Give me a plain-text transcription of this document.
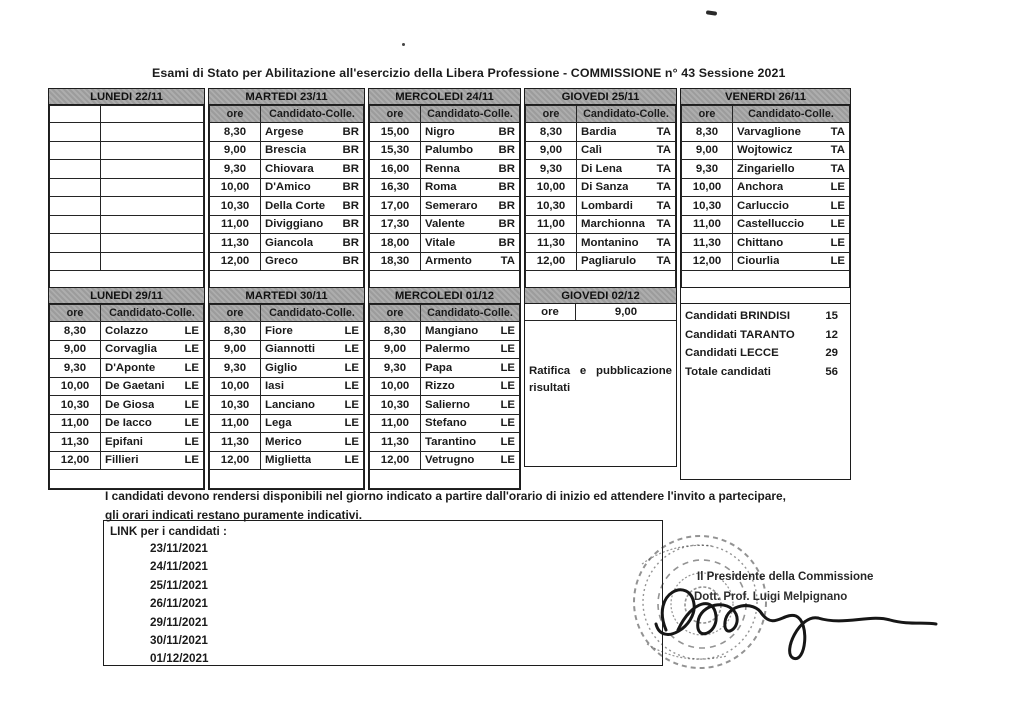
Esami di Stato per Abilitazione all'esercizio della Libera Professione - COMMISSIONE n° 43 Sessione 2021
LUNEDI 22/11

		MARTEDI 23/11
ore	Candidato-Colle.
8,30	Argese BR

9,00	Brescia BR

9,30	Chiovara BR

10,00	D'Amico BR

10,30	Della Corte BR

11,00	Diviggiano BR

11,30	Giancola BR

12,00	Greco BR

MERCOLEDI 24/11
ore	Candidato-Colle.
15,00	Nigro BR

15,30	Palumbo BR

16,00	Renna BR

16,30	Roma BR

17,00	Semeraro BR

17,30	Valente BR

18,00	Vitale BR

18,30	Armento TA

GIOVEDI 25/11
ore	Candidato-Colle.
8,30	Bardia TA

9,00	Calì TA

9,30	Di Lena TA

10,00	Di Sanza TA

10,30	Lombardi TA

11,00	Marchionna TA

11,30	Montanino TA

12,00	Pagliarulo TA

VENERDI 26/11
ore	Candidato-Colle.
8,30	Varvaglione TA

9,00	Wojtowicz TA

9,30	Zingariello TA

10,00	Anchora LE

10,30	Carluccio LE

11,00	Castelluccio LE

11,30	Chittano LE

12,00	Ciourlia LE

LUNEDI 29/11
ore	Candidato-Colle.
8,30	Colazzo LE

9,00	Corvaglia LE

9,30	D'Aponte LE

10,00	De Gaetani LE

10,30	De Giosa LE

11,00	De Iacco LE

11,30	Epifani LE

12,00	Fillieri LE

MARTEDI 30/11
ore	Candidato-Colle.
8,30	Fiore LE

9,00	Giannotti LE

9,30	Giglio LE

10,00	Iasi LE

10,30	Lanciano LE

11,00	Lega LE

11,30	Merico LE

12,00	Miglietta LE

MERCOLEDI 01/12
ore	Candidato-Colle.
8,30	Mangiano LE

9,00	Palermo LE

9,30	Papa LE

10,00	Rizzo LE

10,30	Salierno LE

11,00	Stefano LE

11,30	Tarantino LE

12,00	Vetrugno LE

GIOVEDI 02/12
ore	9,00
Ratifica e pubblicazione risultati
Candidati BRINDISI	15
Candidati TARANTO	12
Candidati LECCE	29
Totale candidati	56
I candidati devono rendersi disponibili nel giorno indicato a partire dall'orario di inizio ed attendere l'invito a partecipare,
gli orari indicati restano puramente indicativi.
LINK per i candidati :
23/11/2021
24/11/2021
25/11/2021
26/11/2021
29/11/2021
30/11/2021
01/12/2021
Il Presidente della Commissione
Dott. Prof. Luigi Melpignano
